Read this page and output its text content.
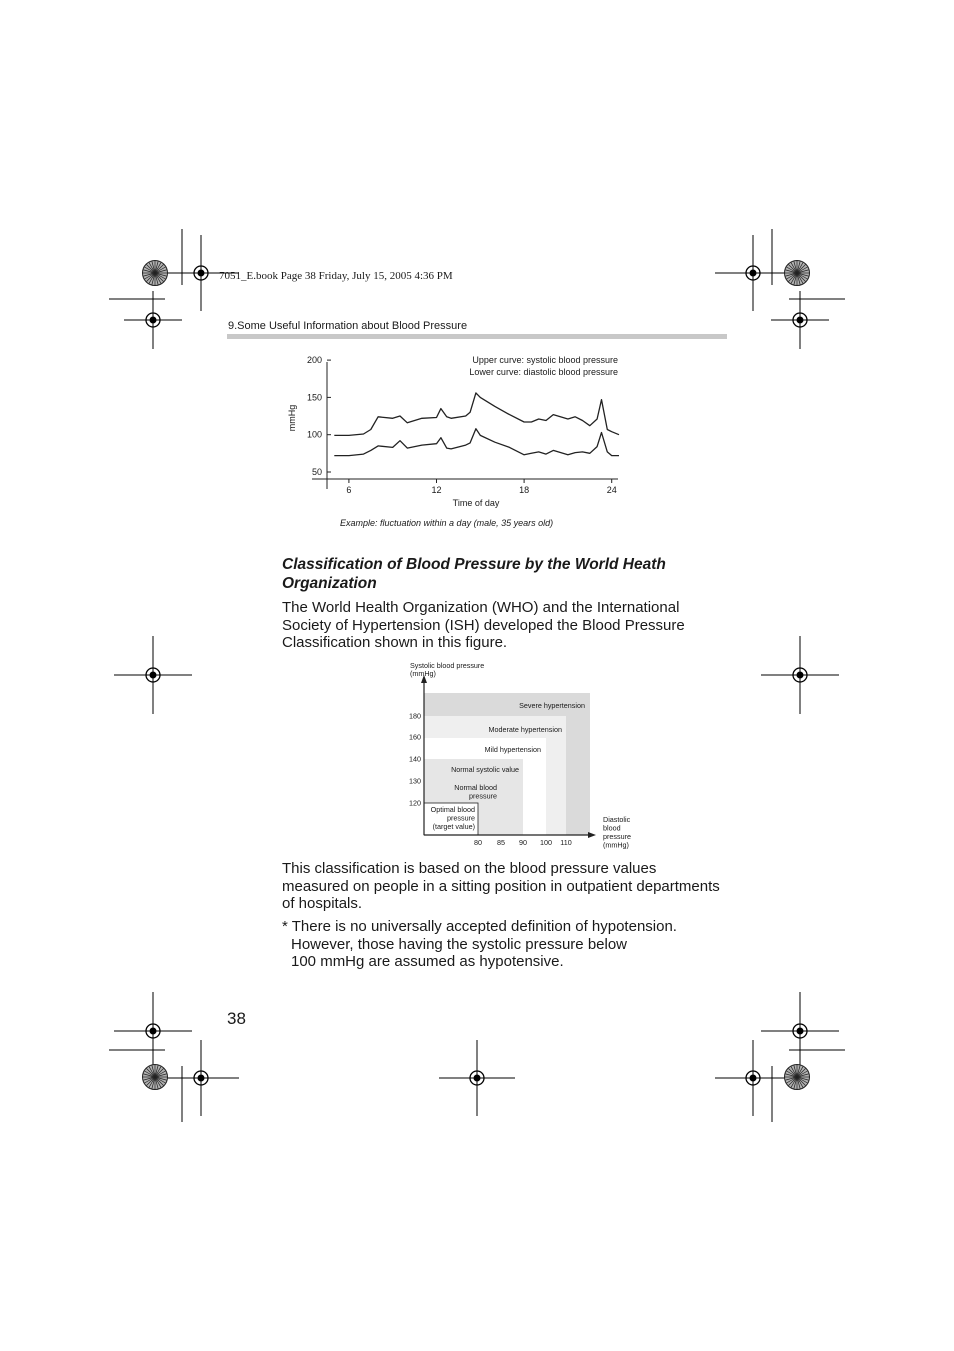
7051_E.book Page 38 Friday, July 15, 2005 4:36 PM
9.Some Useful Information about Blood Pressure
Upper curve: systolic blood pressure
Lower curve: diastolic blood pressure
mmHg
Time of day
50
100
150
200
6	12	18	24
Example: fluctuation within a day (male, 35 years old)
Classification of Blood Pressure by the World Heath Organization
The World Health Organization (WHO) and the International Society of Hypertension (ISH) developed the Blood Pressure Classification shown in this figure.
Systolic blood pressure (mmHg)
Diastolic blood pressure (mmHg)
Severe hypertension
Moderate hypertension
Mild hypertension
Normal systolic value
Normal blood pressure
Optimal blood pressure (target value)
120
130
140
160
180
80 85 90 100 110
This classification is based on the blood pressure values measured on people in a sitting position in outpatient departments of hospitals.
* There is no universally accepted definition of hypotension.
However, those having the systolic pressure below
100 mmHg are assumed as hypotensive.
38
